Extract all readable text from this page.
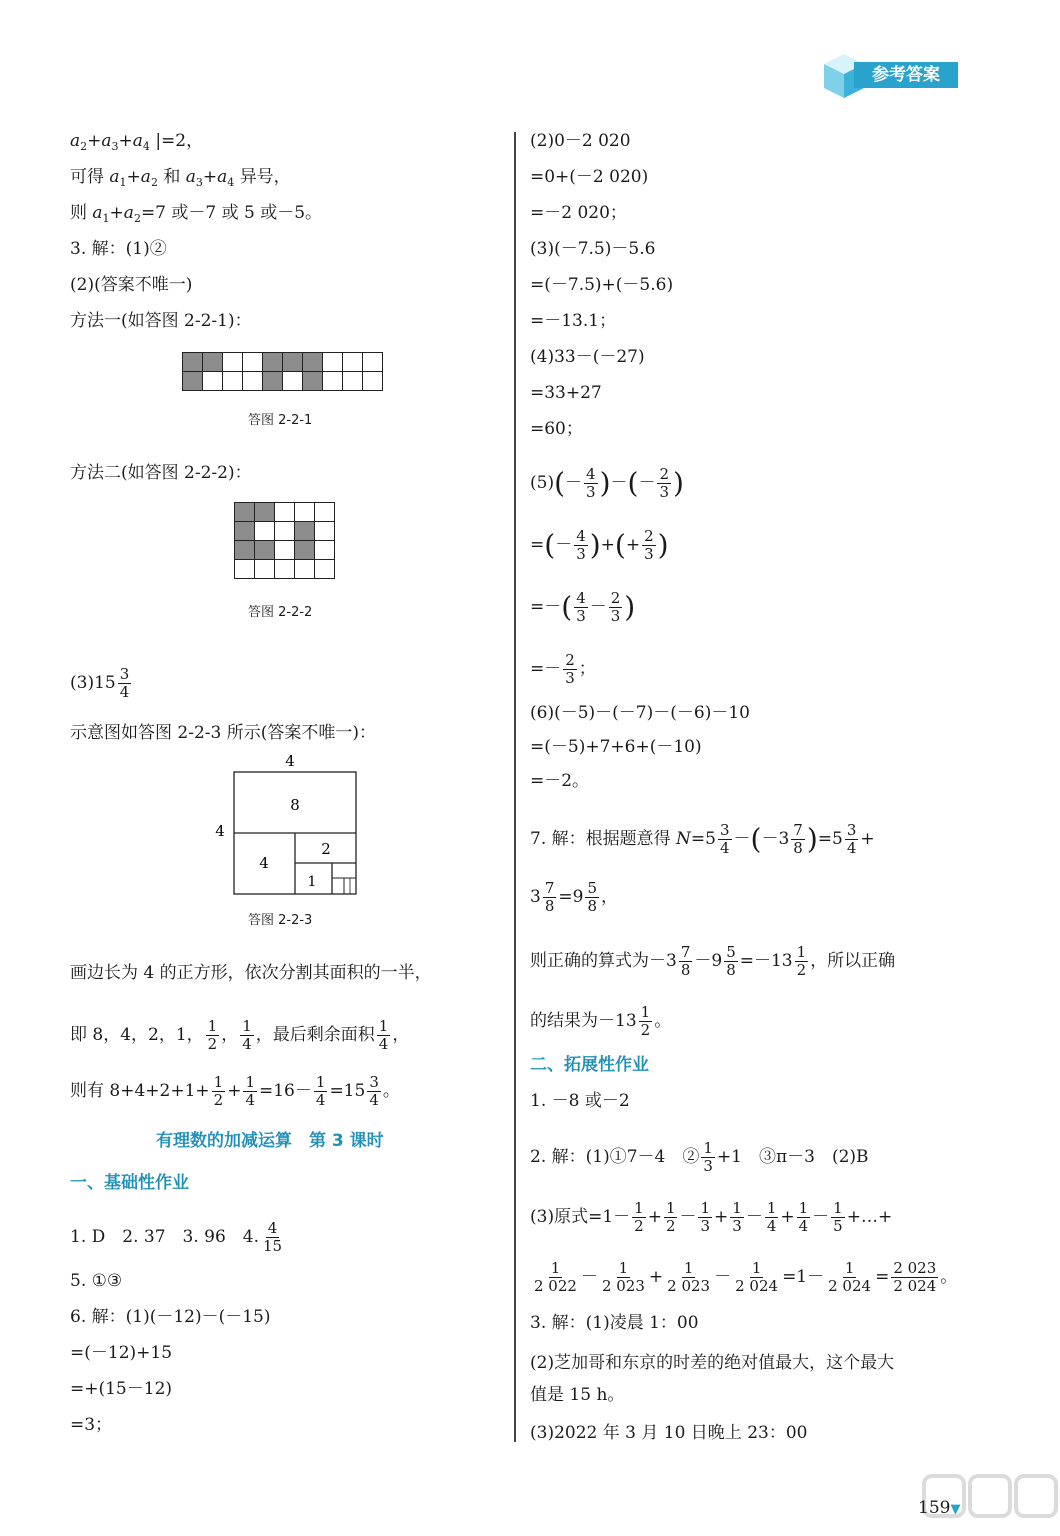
参考答案
$a_2+a_3+a_4$ |=2，
可得 $a_1+a_2$ 和 $a_3+a_4$ 异号，
则 $a_1+a_2=7$ 或－7 或 5 或－5。
3. 解：(1)②
(2)(答案不唯一)
方法一(如答图 2-2-1)：

答图 2-2-1
方法二(如答图 2-2-2)：

答图 2-2-2
$(3)15 \frac{3}{4}$
示意图如答图 2-2-3 所示(答案不唯一)：
4
4
8
4
2
1
答图 2-2-3
画边长为 4 的正方形，依次分割其面积的一半，
即 8，4，2，1， $\frac{1}{2}$ ， $\frac{1}{4}$ ，最后剩余面积 $\frac{1}{4}$ ，
则有 $8+4+2+1+ \frac{1}{2} + \frac{1}{4} =16- \frac{1}{4} =15 \frac{3}{4}$ 。
有理数的加减运算　第 3 课时
一、基础性作业
1. D　2. 37　3. 96　4. $\frac{4}{15}$
5. ①③
6. 解：(1)(－12)－(－15)
=(－12)+15
=+(15－12)
=3；
(2)0－2 020
=0+(－2 020)
=－2 020；
(3)(－7.5)－5.6
=(－7.5)+(－5.6)
=－13.1；
(4)33－(－27)
=33+27
=60；
$(5)(- \frac{4}{3}$ )－(－ $\frac{2}{3}$ )
=(－ $\frac{4}{3}$ )+(+ $\frac{2}{3}$ )
=－( $\frac{4}{3} - \frac{2}{3}$ )
=－ $\frac{2}{3}$ ；
(6)(－5)－(－7)－(－6)－10
=(－5)+7+6+(－10)
=－2。
7. 解：根据题意得 $N=5 \frac{3}{4} -(-3 \frac{7}{8} )=5 \frac{3}{4}$ +
$3 \frac{7}{8} =9 \frac{5}{8}$ ，
则正确的算式为$-3 \frac{7}{8} -9 \frac{5}{8} =-13 \frac{1}{2}$ ，所以正确
的结果为$-13 \frac{1}{2}$ 。
二、拓展性作业
1. －8 或－2
2. 解：(1)①7－4　② $\frac{1}{3} +1$　③π－3　(2)B
(3)原式$=1- \frac{1}{2} + \frac{1}{2} - \frac{1}{3} + \frac{1}{3} - \frac{1}{4} + \frac{1}{4} - \frac{1}{5}$ +…+
$\frac{1}{2 022} - \frac{1}{2 023} + \frac{1}{2 023} - \frac{1}{2 024} =1- \frac{1}{2 024} = \frac{2 023}{2 024}$ 。
3. 解：(1)凌晨 1：00
(2)芝加哥和东京的时差的绝对值最大，这个最大
值是 15 h。
(3)2022 年 3 月 10 日晚上 23：00
159▼
